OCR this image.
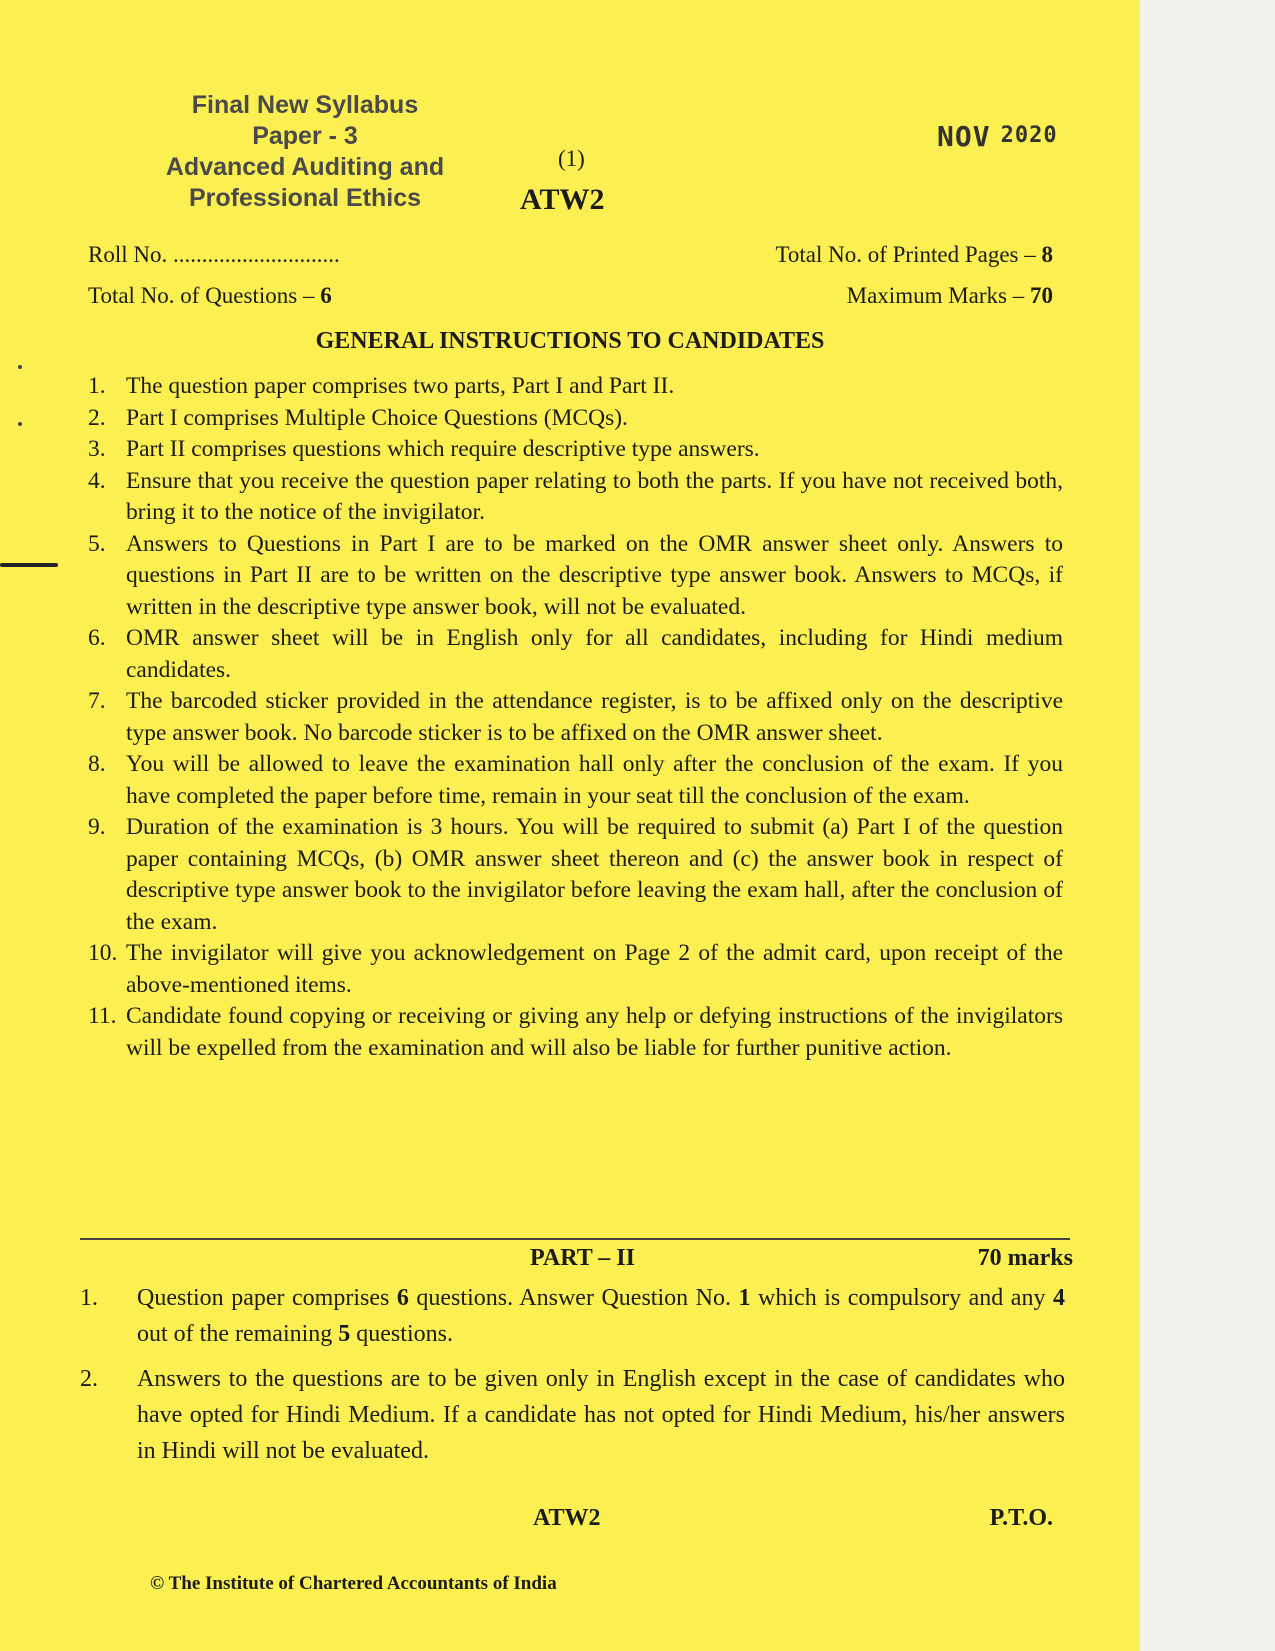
Final New Syllabus
Paper - 3
Advanced Auditing and
Professional Ethics
(1)
ATW2
NOV 2020
Roll No. .............................	Total No. of Printed Pages – 8
Total No. of Questions – 6	Maximum Marks – 70
GENERAL INSTRUCTIONS TO CANDIDATES
1. The question paper comprises two parts, Part I and Part II.
2. Part I comprises Multiple Choice Questions (MCQs).
3. Part II comprises questions which require descriptive type answers.
4. Ensure that you receive the question paper relating to both the parts. If you have not received both, bring it to the notice of the invigilator.
5. Answers to Questions in Part I are to be marked on the OMR answer sheet only. Answers to questions in Part II are to be written on the descriptive type answer book. Answers to MCQs, if written in the descriptive type answer book, will not be evaluated.
6. OMR answer sheet will be in English only for all candidates, including for Hindi medium candidates.
7. The barcoded sticker provided in the attendance register, is to be affixed only on the descriptive type answer book. No barcode sticker is to be affixed on the OMR answer sheet.
8. You will be allowed to leave the examination hall only after the conclusion of the exam. If you have completed the paper before time, remain in your seat till the conclusion of the exam.
9. Duration of the examination is 3 hours. You will be required to submit (a) Part I of the question paper containing MCQs, (b) OMR answer sheet thereon and (c) the answer book in respect of descriptive type answer book to the invigilator before leaving the exam hall, after the conclusion of the exam.
10. The invigilator will give you acknowledgement on Page 2 of the admit card, upon receipt of the above-mentioned items.
11. Candidate found copying or receiving or giving any help or defying instructions of the invigilators will be expelled from the examination and will also be liable for further punitive action.
PART – II	70 marks
1.	Question paper comprises 6 questions. Answer Question No. 1 which is compulsory and any 4 out of the remaining 5 questions.
2.	Answers to the questions are to be given only in English except in the case of candidates who have opted for Hindi Medium. If a candidate has not opted for Hindi Medium, his/her answers in Hindi will not be evaluated.
ATW2	P.T.O.
© The Institute of Chartered Accountants of India
